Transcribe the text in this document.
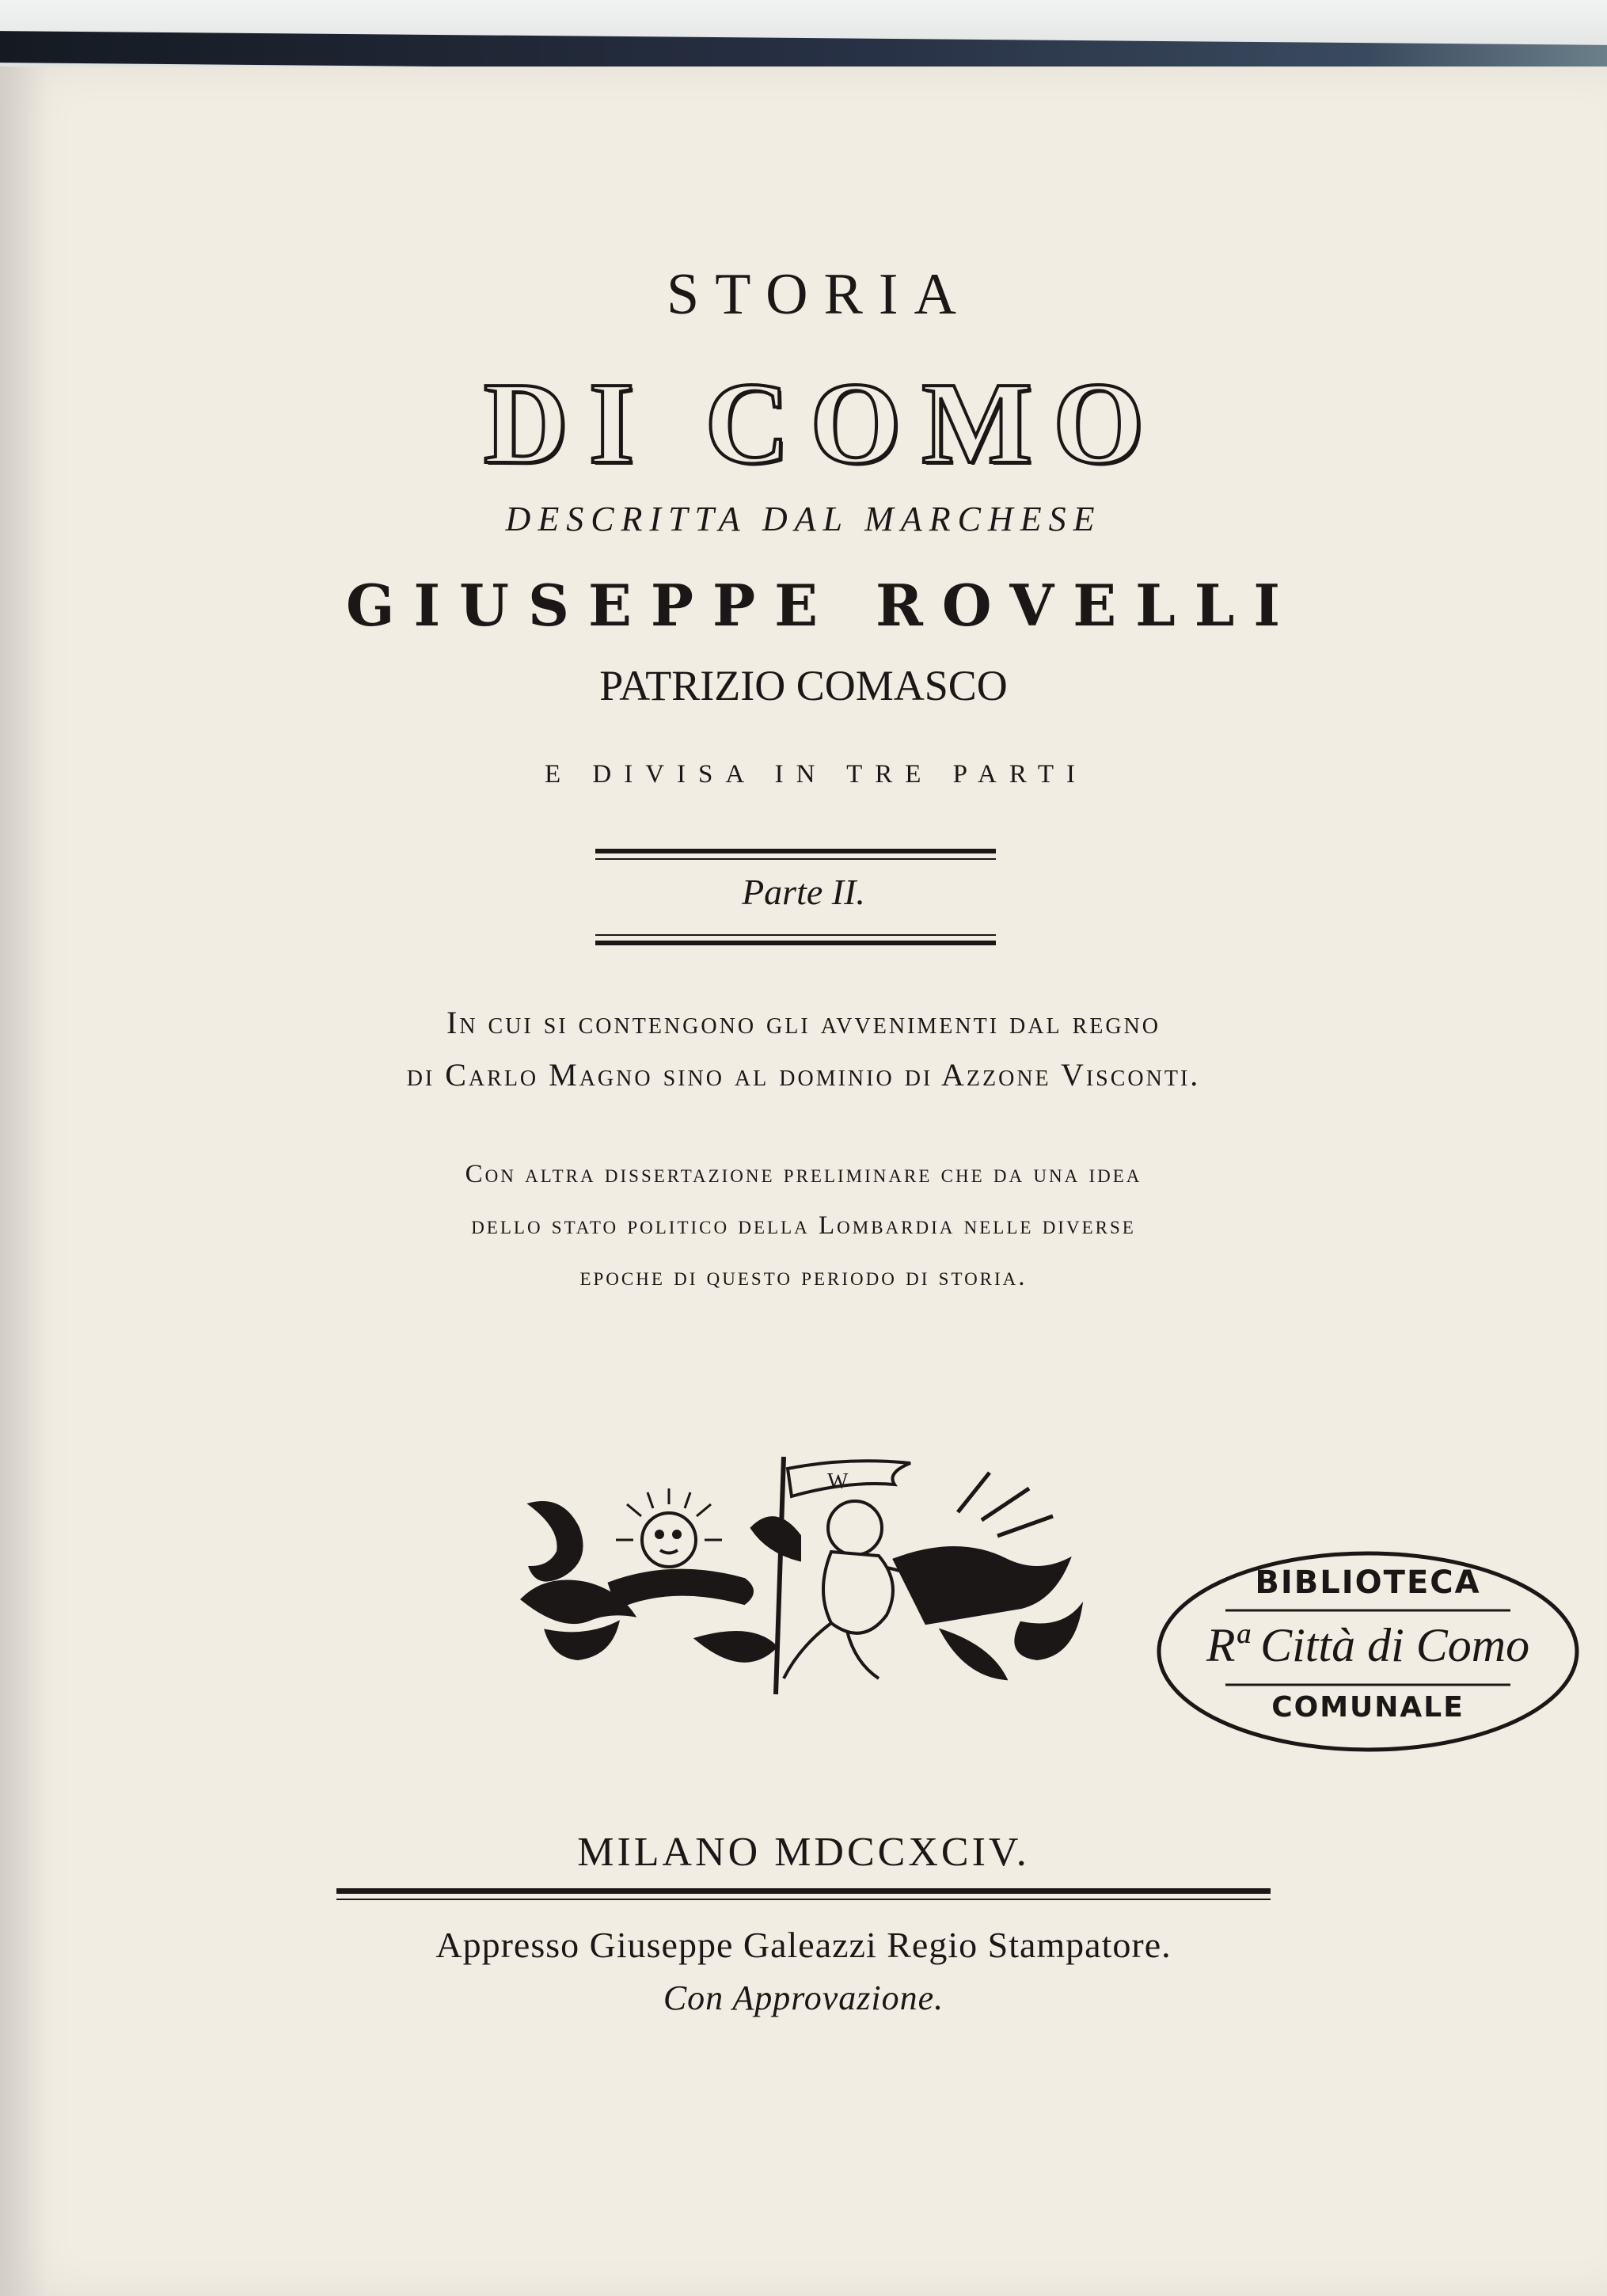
STORIA
DI COMO
DESCRITTA DAL MARCHESE
GIUSEPPE ROVELLI
PATRIZIO COMASCO
E DIVISA IN TRE PARTI
Parte II.
In cui si contengono gli avvenimenti dal regno
di Carlo Magno sino al dominio di Azzone Visconti.
Con altra dissertazione preliminare che da una idea
dello stato politico della Lombardia nelle diverse
epoche di questo periodo di storia.
W
BIBLIOTECA
Rª Città di Como
COMUNALE
MILANO MDCCXCIV.
Appresso Giuseppe Galeazzi Regio Stampatore.
Con Approvazione.
